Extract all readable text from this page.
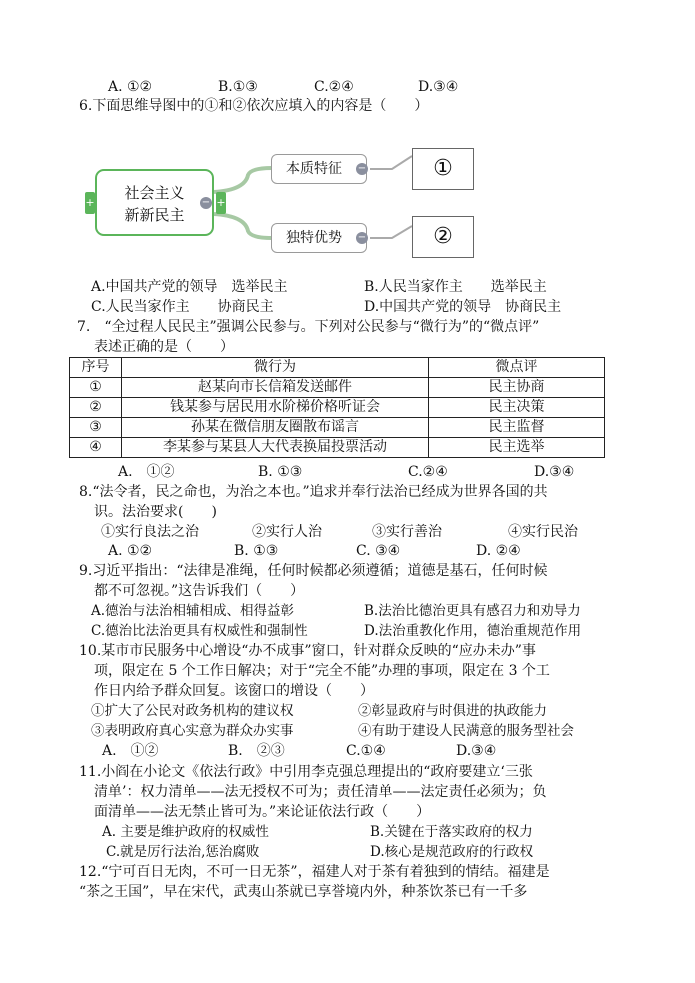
A. ①②	B.①③	C.②④	D.③④
6.下面思维导图中的①和②依次应填入的内容是（　　）
+
社会主义
新新民主
− +
本质特征	−
独特优势	−
①
②
A.中国共产党的领导　选举民主	B.人民当家作主　　选举民主
C.人民当家作主　　协商民主	D.中国共产党的领导　协商民主
7.　“全过程人民民主”强调公民参与。下列对公民参与“微行为”的“微点评”
表述正确的是（　　）
序号	微行为	微点评
①	赵某向市长信箱发送邮件	民主协商
②	钱某参与居民用水阶梯价格听证会	民主决策
③	孙某在微信朋友圈散布谣言	民主监督
④	李某参与某县人大代表换届投票活动	民主选举
A.　①②	B. ①③	C.②④	D.③④
8.“法令者，民之命也，为治之本也。”追求并奉行法治已经成为世界各国的共
识。法治要求(　　)
①实行良法之治	②实行人治	③实行善治	④实行民治
A. ①②	B. ①③	C. ③④	D. ②④
9.习近平指出：“法律是准绳，任何时候都必须遵循；道德是基石，任何时候
都不可忽视。”这告诉我们（　　）
A.德治与法治相辅相成、相得益彰	B.法治比德治更具有感召力和劝导力
C.德治比法治更具有权威性和强制性	D.法治重教化作用，德治重规范作用
10.某市市民服务中心增设“办不成事”窗口，针对群众反映的“应办未办”事
项，限定在 5 个工作日解决；对于“完全不能”办理的事项，限定在 3 个工
作日内给予群众回复。该窗口的增设（　　）
①扩大了公民对政务机构的建议权	②彰显政府与时俱进的执政能力
③表明政府真心实意为群众办实事	④有助于建设人民满意的服务型社会
A.　①②	B.　②③	C.①④	D.③④
11.小阎在小论文《依法行政》中引用李克强总理提出的“政府要建立‘三张
清单’：权力清单——法无授权不可为；责任清单——法定责任必须为；负
面清单——法无禁止皆可为。”来论证依法行政（　　）
A. 主要是维护政府的权威性	B.关键在于落实政府的权力
C.就是厉行法治,惩治腐败	D.核心是规范政府的行政权
12.“宁可百日无肉，不可一日无茶”，福建人对于茶有着独到的情结。福建是
“茶之王国”，早在宋代，武夷山茶就已享誉境内外，种茶饮茶已有一千多
